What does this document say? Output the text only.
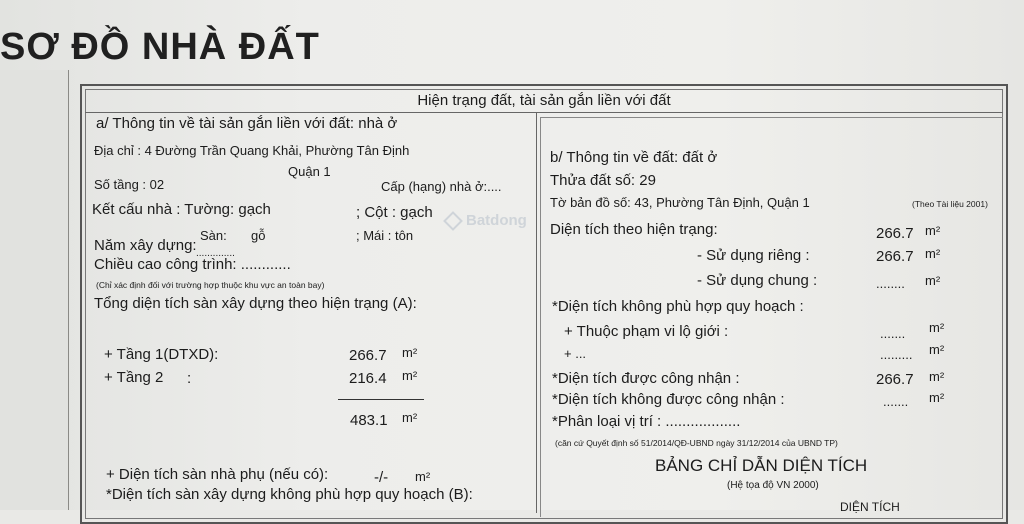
SƠ ĐỒ NHÀ ĐẤT
Hiện trạng đất, tài sản gắn liền với đất
Batdong
a/ Thông tin về tài sản gắn liền với đất: nhà ở
Địa chỉ : 4 Đường Trần Quang Khải, Phường Tân Định
Quận 1
Số tầng : 02	Cấp (hạng) nhà ở:....
Kết cấu nhà : Tường: gạch	; Cột : gạch
Sàn: gỗ	; Mái : tôn
Năm xây dựng: ..............
Chiều cao công trình: ............
(Chỉ xác định đối với trường hợp thuộc khu vực an toàn bay)
Tổng diện tích sàn xây dựng theo hiện trạng (A):
+ Tầng 1(DTXD):	266.7 m²
+ Tầng 2 :	216.4 m²
483.1 m²
+ Diện tích sàn nhà phụ (nếu có):	-/- m²
*Diện tích sàn xây dựng không phù hợp quy hoạch (B):
b/ Thông tin về đất: đất ở
Thửa đất số: 29
Tờ bản đồ số: 43, Phường Tân Định, Quận 1	(Theo Tài liệu 2001)
Diện tích theo hiện trạng:	266.7 m²
- Sử dụng riêng :	266.7 m²
- Sử dụng chung :	........ m²
*Diện tích không phù hợp quy hoạch :
+ Thuộc phạm vi lộ giới :	....... m²
+ ...	......... m²
*Diện tích được công nhận :	266.7 m²
*Diện tích không được công nhận :	....... m²
*Phân loại vị trí : ..................
(căn cứ Quyết định số 51/2014/QĐ-UBND ngày 31/12/2014 của UBND TP)
BẢNG CHỈ DẪN DIỆN TÍCH
(Hệ tọa độ VN 2000)
DIỆN TÍCH
